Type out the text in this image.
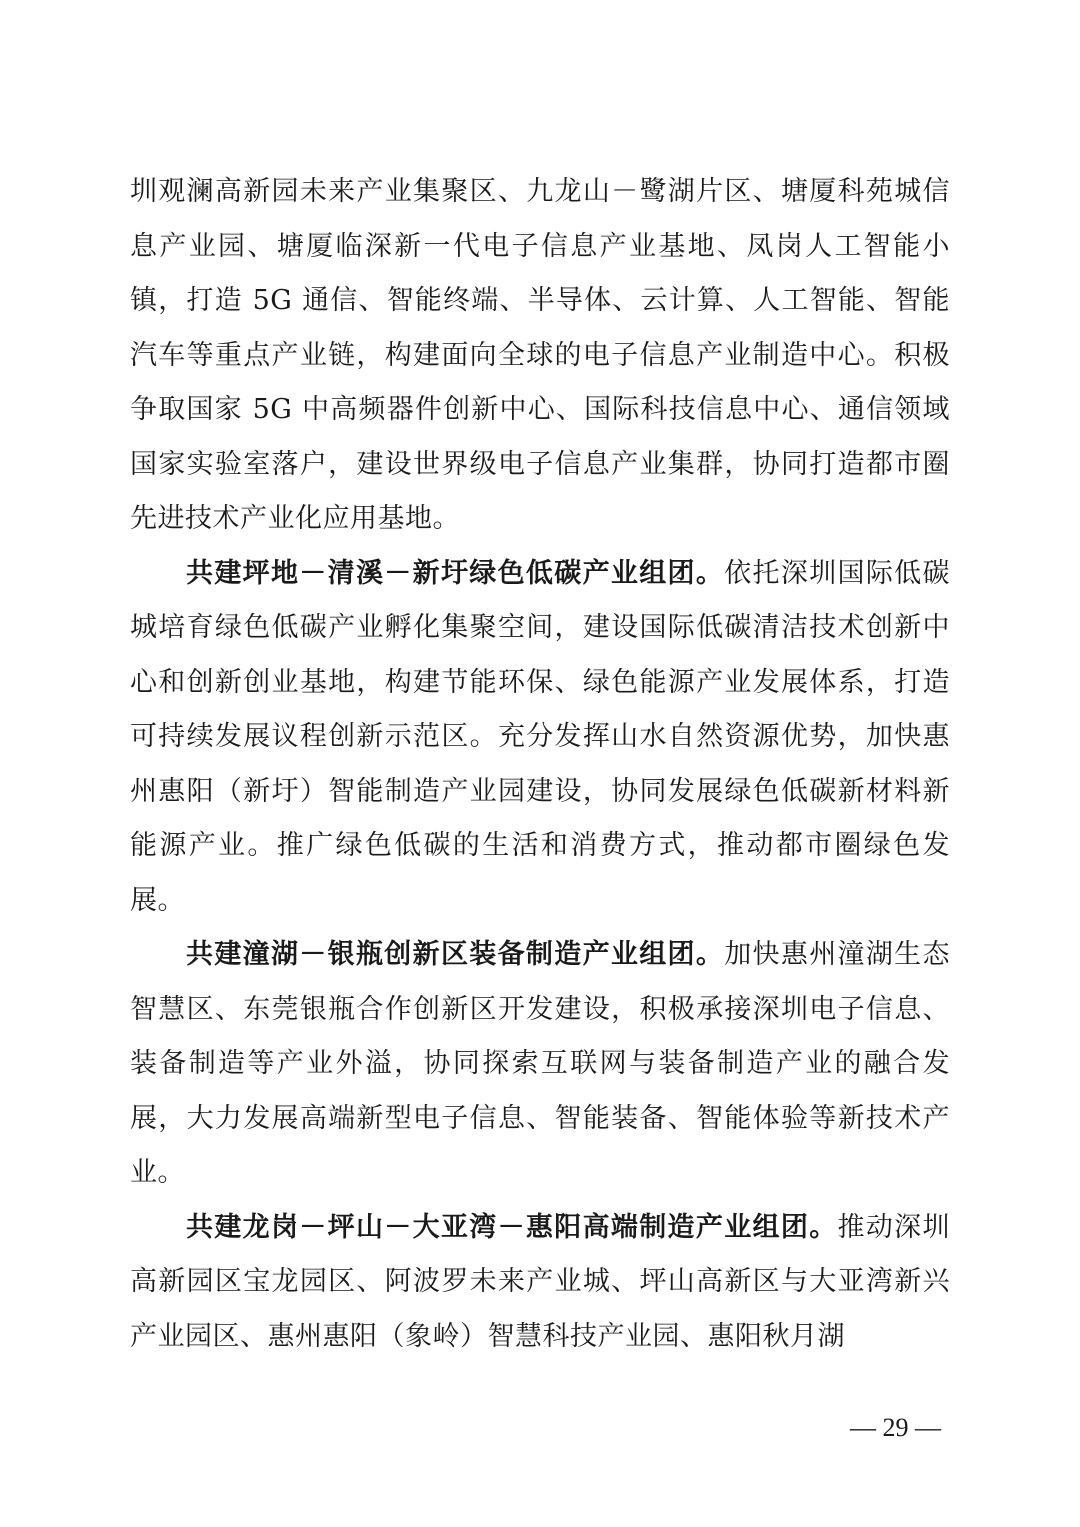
圳观澜高新园未来产业集聚区、九龙山－鹭湖片区、塘厦科苑城信息产业园、塘厦临深新一代电子信息产业基地、凤岗人工智能小镇，打造 5G 通信、智能终端、半导体、云计算、人工智能、智能汽车等重点产业链，构建面向全球的电子信息产业制造中心。积极争取国家 5G 中高频器件创新中心、国际科技信息中心、通信领域国家实验室落户，建设世界级电子信息产业集群，协同打造都市圈先进技术产业化应用基地。

共建坪地－清溪－新圩绿色低碳产业组团。依托深圳国际低碳城培育绿色低碳产业孵化集聚空间，建设国际低碳清洁技术创新中心和创新创业基地，构建节能环保、绿色能源产业发展体系，打造可持续发展议程创新示范区。充分发挥山水自然资源优势，加快惠州惠阳（新圩）智能制造产业园建设，协同发展绿色低碳新材料新能源产业。推广绿色低碳的生活和消费方式，推动都市圈绿色发展。

共建潼湖－银瓶创新区装备制造产业组团。加快惠州潼湖生态智慧区、东莞银瓶合作创新区开发建设，积极承接深圳电子信息、装备制造等产业外溢，协同探索互联网与装备制造产业的融合发展，大力发展高端新型电子信息、智能装备、智能体验等新技术产业。

共建龙岗－坪山－大亚湾－惠阳高端制造产业组团。推动深圳高新园区宝龙园区、阿波罗未来产业城、坪山高新区与大亚湾新兴产业园区、惠州惠阳（象岭）智慧科技产业园、惠阳秋月湖

— 29 —
